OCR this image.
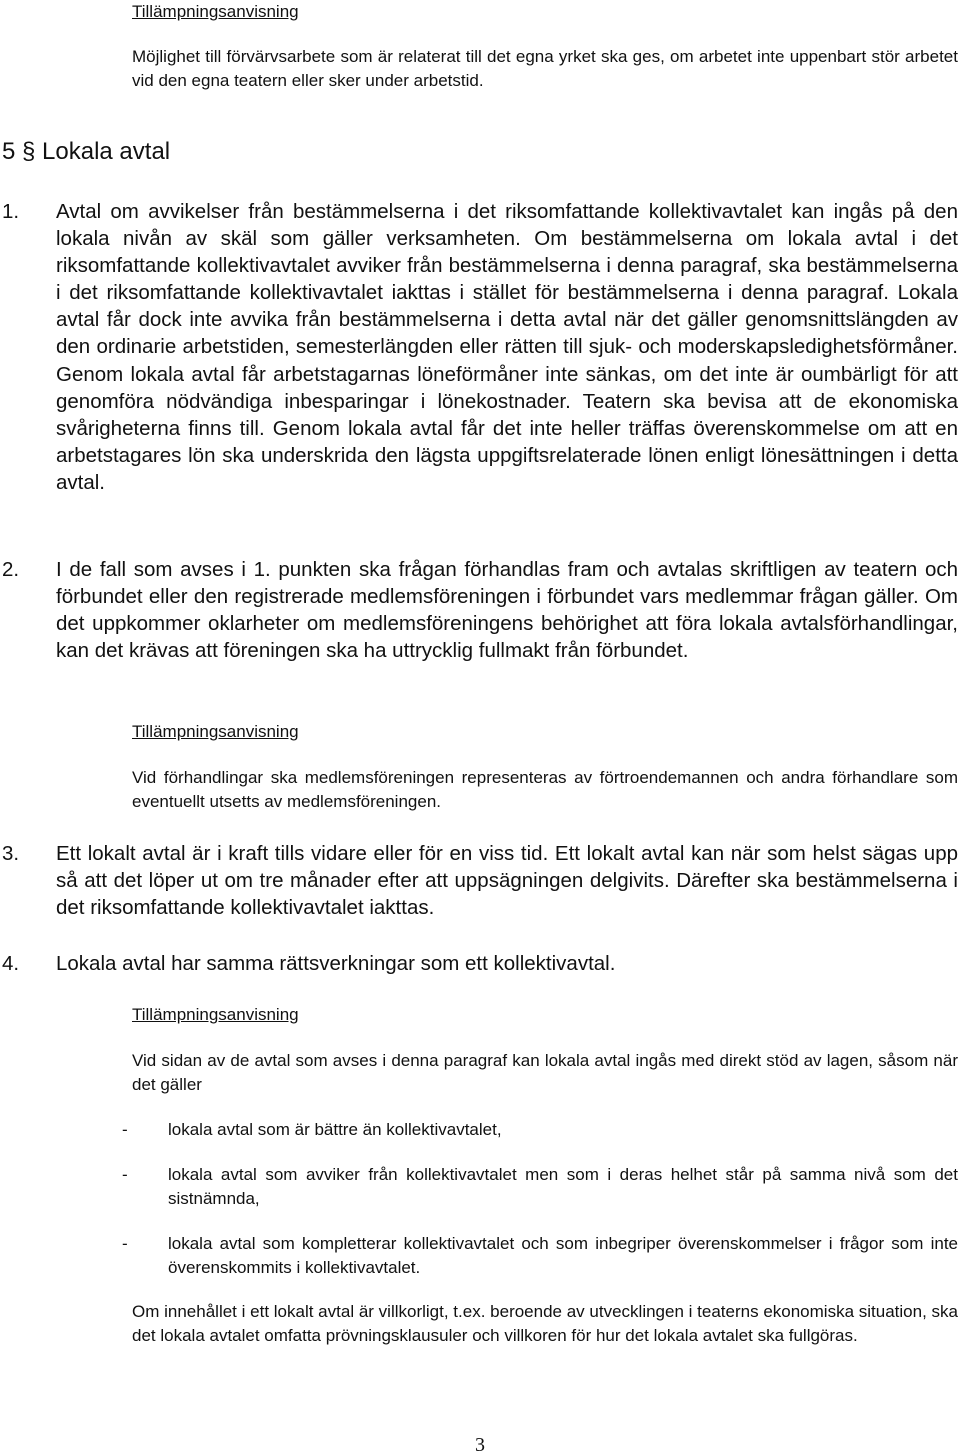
Tillämpningsanvisning
Möjlighet till förvärvsarbete som är relaterat till det egna yrket ska ges, om arbetet inte uppenbart stör arbetet vid den egna teatern eller sker under arbetstid.
5 § Lokala avtal
1. Avtal om avvikelser från bestämmelserna i det riksomfattande kollektivavtalet kan ingås på den lokala nivån av skäl som gäller verksamheten. Om bestämmelserna om lokala avtal i det riksomfattande kollektivavtalet avviker från bestämmelserna i denna paragraf, ska bestämmelserna i det riksomfattande kollektivavtalet iakttas i stället för bestämmelserna i denna paragraf. Lokala avtal får dock inte avvika från bestämmelserna i detta avtal när det gäller genomsnittslängden av den ordinarie arbetstiden, semesterlängden eller rätten till sjuk- och moderskapsledighetsförmåner. Genom lokala avtal får arbetstagarnas löneförmåner inte sänkas, om det inte är oumbärligt för att genomföra nödvändiga inbesparingar i lönekostnader. Teatern ska bevisa att de ekonomiska svårigheterna finns till. Genom lokala avtal får det inte heller träffas överenskommelse om att en arbetstagares lön ska underskrida den lägsta uppgiftsrelaterade lönen enligt lönesättningen i detta avtal.
2. I de fall som avses i 1. punkten ska frågan förhandlas fram och avtalas skriftligen av teatern och förbundet eller den registrerade medlemsföreningen i förbundet vars medlemmar frågan gäller. Om det uppkommer oklarheter om medlemsföreningens behörighet att föra lokala avtalsförhandlingar, kan det krävas att föreningen ska ha uttrycklig fullmakt från förbundet.
Tillämpningsanvisning
Vid förhandlingar ska medlemsföreningen representeras av förtroendemannen och andra förhandlare som eventuellt utsetts av medlemsföreningen.
3. Ett lokalt avtal är i kraft tills vidare eller för en viss tid. Ett lokalt avtal kan när som helst sägas upp så att det löper ut om tre månader efter att uppsägningen delgivits. Därefter ska bestämmelserna i det riksomfattande kollektivavtalet iakttas.
4. Lokala avtal har samma rättsverkningar som ett kollektivavtal.
Tillämpningsanvisning
Vid sidan av de avtal som avses i denna paragraf kan lokala avtal ingås med direkt stöd av lagen, såsom när det gäller
- lokala avtal som är bättre än kollektivavtalet,
- lokala avtal som avviker från kollektivavtalet men som i deras helhet står på samma nivå som det sistnämnda,
- lokala avtal som kompletterar kollektivavtalet och som inbegriper överenskommelser i frågor som inte överenskommits i kollektivavtalet.
Om innehållet i ett lokalt avtal är villkorligt, t.ex. beroende av utvecklingen i teaterns ekonomiska situation, ska det lokala avtalet omfatta prövningsklausuler och villkoren för hur det lokala avtalet ska fullgöras.
3
